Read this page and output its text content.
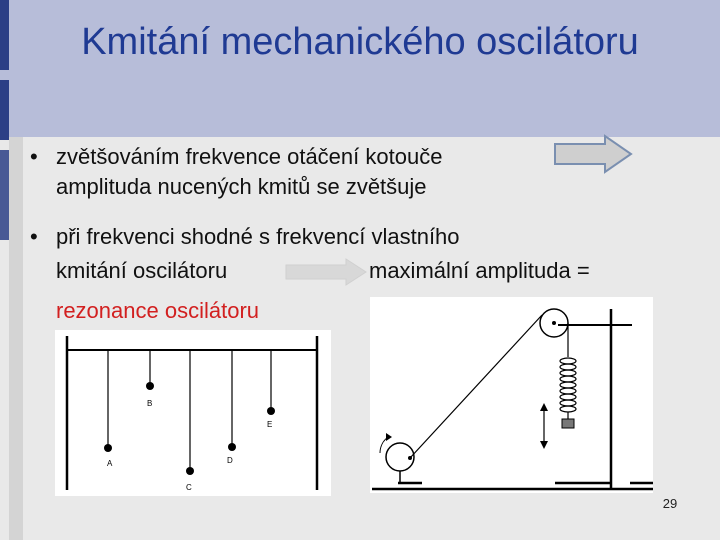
Kmitání mechanického oscilátoru
• zvětšováním frekvence otáčení kotouče
amplituda nucených kmitů se zvětšuje
• při frekvenci shodné s frekvencí vlastního
kmitání oscilátoru	maximální amplituda =
rezonance oscilátoru
A
B
C
D
E
29
